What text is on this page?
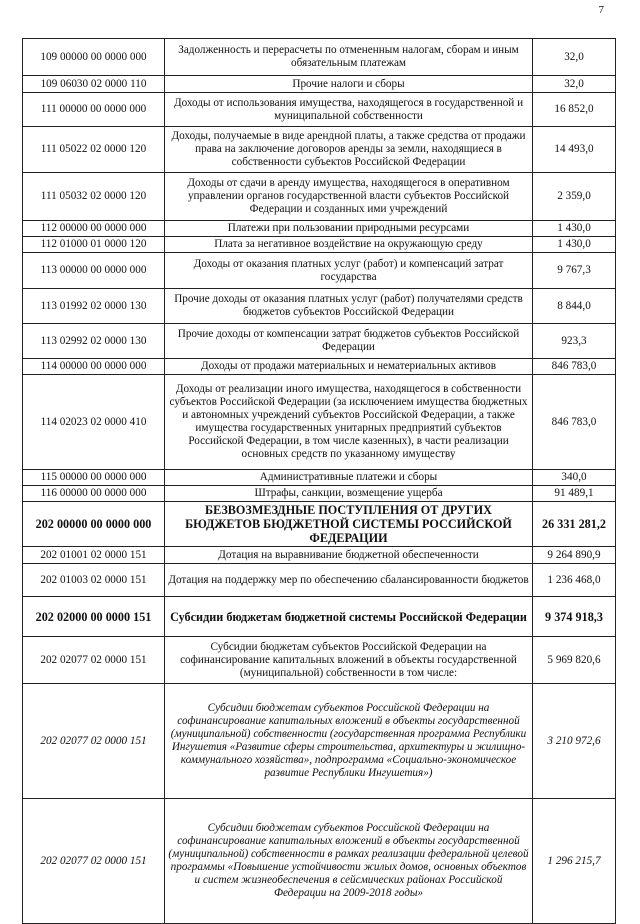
7
109 00000 00 0000 000	Задолженность и перерасчеты по отмененным налогам, сборам и иным обязательным платежам	32,0
109 06030 02 0000 110	Прочие налоги и сборы	32,0
111 00000 00 0000 000	Доходы от использования имущества, находящегося в государственной и муниципальной собственности	16 852,0
111 05022 02 0000 120	Доходы, получаемые в виде арендной платы, а также средства от продажи права на заключение договоров аренды за земли, находящиеся в собственности субъектов Российской Федерации	14 493,0
111 05032 02 0000 120	Доходы от сдачи в аренду имущества, находящегося в оперативном управлении органов государственной власти субъектов Российской Федерации и созданных ими учреждений	2 359,0
112 00000 00 0000 000	Платежи при пользовании природными ресурсами	1 430,0
112 01000 01 0000 120	Плата за негативное воздействие на окружающую среду	1 430,0
113 00000 00 0000 000	Доходы от оказания платных услуг (работ) и компенсаций затрат государства	9 767,3
113 01992 02 0000 130	Прочие доходы от оказания платных услуг (работ) получателями средств бюджетов субъектов Российской Федерации	8 844,0
113 02992 02 0000 130	Прочие доходы от компенсации затрат бюджетов субъектов Российской Федерации	923,3
114 00000 00 0000 000	Доходы от продажи материальных и нематериальных активов	846 783,0
114 02023 02 0000 410	Доходы от реализации иного имущества, находящегося в собственности субъектов Российской Федерации (за исключением имущества бюджетных и автономных учреждений субъектов Российской Федерации, а также имущества государственных унитарных предприятий субъектов Российской Федерации, в том числе казенных), в части реализации основных средств по указанному имуществу	846 783,0
115 00000 00 0000 000	Административные платежи и сборы	340,0
116 00000 00 0000 000	Штрафы, санкции, возмещение ущерба	91 489,1
202 00000 00 0000 000	БЕЗВОЗМЕЗДНЫЕ ПОСТУПЛЕНИЯ ОТ ДРУГИХ БЮДЖЕТОВ БЮДЖЕТНОЙ СИСТЕМЫ РОССИЙСКОЙ ФЕДЕРАЦИИ	26 331 281,2
202 01001 02 0000 151	Дотация на выравнивание бюджетной обеспеченности	9 264 890,9
202 01003 02 0000 151	Дотация на поддержку мер по обеспечению сбалансированности бюджетов	1 236 468,0
202 02000 00 0000 151	Субсидии бюджетам бюджетной системы Российской Федерации	9 374 918,3
202 02077 02 0000 151	Субсидии бюджетам субъектов Российской Федерации на софинансирование капитальных вложений в объекты государственной (муниципальной) собственности в том числе:	5 969 820,6
202 02077 02 0000 151	Субсидии бюджетам субъектов Российской Федерации на софинансирование капитальных вложений в объекты государственной (муниципальной) собственности (государственная программа Республики Ингушетия «Развитие сферы строительства, архитектуры и жилищно-коммунального хозяйства», подпрограмма «Социально-экономическое развитие Республики Ингушетия»)	3 210 972,6
202 02077 02 0000 151	Субсидии бюджетам субъектов Российской Федерации на софинансирование капитальных вложений в объекты государственной (муниципальной) собственности в рамках реализации федеральной целевой программы «Повышение устойчивости жилых домов, основных объектов и систем жизнеобеспечения в сейсмических районах Российской Федерации на 2009-2018 годы»	1 296 215,7
